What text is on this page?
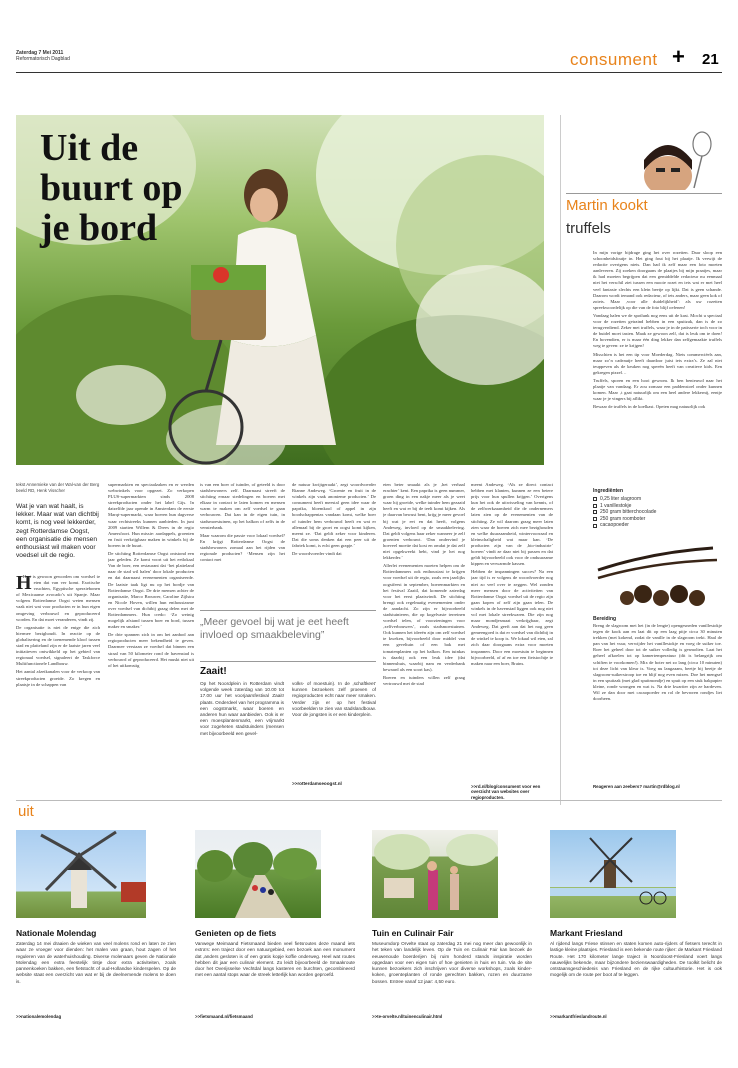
Zaterdag 7 Mei 2011
Reformatorisch Dagblad	consument + 21
Uit de
buurt op
je bord
tekst Annemieke van der Wal-van der Berg
beeld RD, Henk Visscher
Wat je van wat haalt, is lekker. Maar wat van dichtbij komt, is nog veel lekkerder, zegt Rotterdamse Oogst, een organisatie die mensen enthousiast wil maken voor voedsel uit de regio.
H

H et is gewoon geworden om voedsel te eten dat van ver komt. Exotische vruchten, Egyptische sperziebonen of Mexicaanse avocado’s uit Spanje. Maar volgens Rotterdamse Oogst weten mensen vaak niet wat voor producten er in hun eigen omgeving verbouwd en geproduceerd worden. En dat moet veranderen, vindt zij.

De organisatie is niet de enige die zich hiermee bezighoudt. In reactie op de globalisering en de toenemende kloof tussen stad en platteland zijn er de laatste jaren veel initiatieven ontwikkeld op het gebied van regionaal voedsel, signaleert de Taskforce Multifunctionele Landbouw.

Het aantal afzetkanalen voor de verkoop van streekproducten groeide. Zo kregen en plaatsje in de schappen van

supermarkten en speciaalzaken en er werden webwinkels voor opgezet. Zo verkopen PLUS-supermarkten sinds 2008 streekproducten onder het label Gijs. In datzelfde jaar opende in Amsterdam de eerste Marqt-supermarkt, waar boeren hun dagverse waar rechtstreeks kunnen aanbieden. In juni 2009 startten Willem & Drees in de regio Amersfoort. Hun missie: aardappels, groenten en fruit verkrijgbaar maken in winkels bij de boeren in de buurt.

De stichting Rotterdamse Oogst ontstond een jaar geleden. Ze komt voort uit het eetlokaal Van de boer, een restaurant dat ‘het platteland naar de stad wil halen’ door lokale producten en dat daarnaast evenementen organiseerde. De laatste taak ligt nu op het bordje van Rotterdamse Oogst. De drie mensen achter de organisatie, Marco Brouwer, Caroline Zijlstra en Nicole Hoven, willen hun enthousiasme over voedsel van dichtbij graag delen met de Rotterdammers. Hun credo: ‘Zo weinig mogelijk afstand tussen boer en bord, tussen maker en smaker.’

De drie spannen zich in om het aanbod aan regioproducten meer bekendheid te geven. Daarmee verstaan ze voedsel dat binnen een straal van 50 kilometer rond de havenstad is verbouwd of geproduceerd. Het muskt niet uit of het uitkomstig

is van een boer of tuinder, of geteeld is door stadsbewoners zelf. Daarnaast streeft de stichting ernaar stedelingen en boeren met elkaar in contact te laten komen en mensen warm te maken om zelf voedsel te gaan verbouwen. Dat kan in de eigen tuin, in stadsmoestuinen, op het balkon of zelfs in de vensterbank.

Maar waarom die passie voor lokaal voedsel? En krijgt Rotterdamse Oogst de stadsbewoners zomaal aan het rijden van regionale producten? ‘Mensen zijn het contact met

de natuur kwijtgeraakt’, zegt woordvoerder Rianne Andeweg. ‘Groente en fruit in de winkels zijn vaak anonieme producten.’ De consument heeft meestal geen idee waar de paprika, bloemkool of appel in zijn boodschappentas vandaan komt, welke boer of tuinder hem verbouwd heeft en wat er allemaal bij de groei en oogst komt kijken, meent ze. ‘Dat geldt zeker voor kinderen. Dat die soms denken dat een peer uit de fabriek komt, is echt geen grapje.’

De woordvoerder vindt dat

eten beter smaakt als je ‚het verhaal erachter’ kent. Een paprika is geen nummer, groen ding in een nakje meer als je weet waar hij groeide, welke tuinder hem gezaaid heeft en wat er bij de teelt komt kijken. Als je daarvan bewust bent, krijg je meer gevoel bij wat je eet en dat heeft, volgens Andeweg, invloed op de smaakbeleving. Dat geldt volgens haar zeker wanneer je zelf groenten verbouwt. ‘Dan ondervind je hoeveel moeite dat kost en omdat je dat zelf niet opgekweekt hebt, vind je het nog lekkerder.’

Allerlei evenementen moeten helpen om de Rotterdammers ook enthousiast te krijgen voor voedsel uit de regio, zoals een jaarlijks oogstfeest in september, boerenmarkten en het festival Zaaitl, dat komende zaterdag voor het eerst plaatsvindt. De stichting brengt ook regelmatig evenementen onder de aandacht. Zo zijn er bijvoorbeeld stadstuinieren, die op kogelvaste terreinen voedsel telen, of voorzieningen voor ‚zelfverbouwers’, zoals stadsmoestuinen. Ook kunnen het ideeën zijn om zelf voedsel te kweken, bijvoorbeeld door middel van een geveltuin of een bak met tomatenplanten op het balkon. Een tuinkas is daarbij ook een leuk idee (dat binnenshuis, waarbij nam en verderbank bewaard als een soort kas).

Boeren en tuinders willen zelf graag vertrouwd met de stad

meent Andeweg. ‘Als ze direct contact hebben met klanten, kunnen ze een betere prijs voor hun spullen krijgen.’ Overigens kun het ook de uitwisseling van kennis, of de zelfwerkzaamheid die de ondernemers laten zien op de evenementen van de stichting. Ze wil daarom graag meer laten zien waar de boeren zich mee bezighouden en welke duurzaamheid, wintervoorraad en kleinschaligheid wat maar kan. ‘De producten zijn van de ‚bio-industrie’ boeren’ vindt ze daar niet bij passen en dat geldt bijvoorbeeld ook voor de onduurzame kippen en verwarmde kassen.

Hebben de inspanningen succes? Na een jaar tijd is er volgens de woordvoerder nog niet zo veel over te zeggen. Wel zonden meer mensen door de activiteiten van Rotterdamse Oogst voedsel uit de regio zijn gaan kopen of zelf zijn gaan telen. De winkels in de havenstad liggen ook nog niet vol met lokale streekwaren. Die zijn nog maar mondjesmaat verkrijgbaar, zegt Andeweg. Dat geeft aan dat het nog geen gemeengoed is dat er voedsel van dichtbij in de winkel te koop is. We lokaal wil eten, zal zich daar doorgaans extra voor moeten inspannen. Door een moestuin te beginnen bijvoorbeeld, of af en toe een fietstochtje te maken naar een boer, Brains.

>>rd.nl/blog/consument voor een overzicht van websites over regioproducten.
„Meer gevoel bij wat je eet heeft invloed op smaakbeleving”
Zaait!
Op het Noordplein in Rotterdam vindt volgende week zaterdag van 10.00 tot 17.00 uur het voorjaarsfestival Zaait! plaats. Onderdeel van het programma is een oogstmarkt, waar boeren en anderen hun waar aanbieden. Ook is er een moesplantenmarkt, een vrijmarkt voor zogeheten stadstuinders (mensen met bijvoorbeeld een gevel-
volks- of moestuin). In de ‚schaftkeet’ kunnen bezoekers zelf proeven of regioproducten echt naar meer smaken. Verder zijn er op het festival voorbeelden te zien van stadslandbouw. Voor de jongsten is er een kinderplein.
>>rotterdamseoogst.nl
Martin kookt
truffels

In mijn vorige bijdrage ging het over rozetten. Daar sloop een schoonheidsfoutje in. Het ging fout bij het plaatje. Ik verwijt de redactie overigens niets. Dan had ik zelf maar een foto moeten aanleveren. Zij zoeken doorgaans de plaatjes bij mijn praatjes, maar ik had moeten begrijpen dat een gemiddelde redacteur nu eenmaal niet het verschil ziet tussen een mooie rozet en iets wat er met heel veel fantasie slechts een klein beetje op lijkt. Dat is geen schande. Daarom wordt iemand ook redacteur, of iets anders, maar geen kok of zoiets. Maar ‚voor alle duidelijkheid’: als uw rozetten spreekwoordelijk op die van de foto blijf oefenen!

Vandaag halen we de spotlunk nog eens uit de kast. Mocht u speciaal voor de rozetten getraind hebben in een spuitzak, dan is de zo terugverdiend. Zeker met truffels, waar je in de patisserie toch voor in de buidel moet tasten. Maak ze gewoon zelf, dat is leuk om te doen! En bovendien, er is maar één ding lekker dan zelfgemaakte truffels weg te geven: ze te krijgen!

Misschien is het een tip voor Moederdag. Niets commerciëels aan, maar zo’n cadeautje heeft daardoor juist iets extra’s. Ze zal niet teuppeven als de keuken nog speeën heeft van creatieve kids. Een gekregen pizzel…

Truffels, sporen en een hooi gewrom. Ik ben benieuwd naar het plaatje van vandaag. Er zou zomaar een paddenstoel onder kunnen komen. Maar ‚t gaat natuurlijk om een heel andere lekkernij, eentje waar je je vingers bij aflikt.

Bewaar de truffels in de koelkast. Opeten mag natuurlijk ook

Ingrediënten
0,25 liter slagroom
1 vanillestokje
250 gram bitterchocolade
250 gram roomboter
cacaopoeder
Bereiding
Breng de slagroom met het (in de lengte) opengesneden vanillestokje tegen de kook aan en laat dit op een laag pitje circa 30 minuten trekken (met kokend, zodat de vanille in de slagroom trekt. Haal de pan van het vuur, verwijder het vanillestokje en voeg de suiker toe. Roer het geheel door tot de suiker volledig is gesmolten. Laat het geheel afkoelen tot op kamertemperatuur (dit is belangrijk om schiften te voorkomen!). Mix de boter net zo lang (circa 10 minuten) tot deze licht van kleur is. Voeg nu langzaam, beetje bij beetje de slagroom-suikerstroop toe en blijf nog even mixen. Doe het mengsel in een spuitzak (met glad spuitmondje) en spuit op een stuk bakpapier kleine, ronde wrongen en wat is. Na drie kwartier zijn ze hardeven. Wil ze dan door met cacaopoeder en rol de bevroren rondjes liet doorheen.
Reageren aan zeebers? martin@rdblog.nl
uit
Nationale Molendag
Zaterdag 14 mei draaien de wieken van veel molens rond en laten ze zien waar ze vroeger voor dienden: het malen van graan, hout zagen of het reguleren van de waterhuishouding. Diverse molenaars geven de Nationale Molendag een extra feestelijk tintje door extra activiteiten, zoals pannenkoeken bakken, een fietstocht of oud-Hollandse kinderspelen. Op de website staat een overzicht van wat er bij de deelnemende molens te doen is.
>>nationalemolendag
Genieten op de fiets
Vanwege Meimaand Fietsmaand bieden veel fietsroutes deze maand iets extra’s: een traject door een natuurgebied, een bezoek aan een monument dat ‚anders gesloten is of een gratis kopje koffie onderweg. Heel wat routes hebben dit jaar een culinair element. Zo leidt bijvoorbeeld de Smaakroute door het Overijsselse Vechtdal langs kasteren en burchten, gecombineerd met een aantal stops waar de streek letterlijk kan worden geproefd.
>>fietsmaand.nl/fietsmaand
Tuin en Culinair Fair
Museumdorp Orvelte staat op zaterdag 21 mei nog meer dan gewoonlijk in het teken van landelijk leven. Op de Tuin en Culinair Fair kan bezoek de eeuwenoude boerderijen bij ruim honderd stands inspiratie worden opgedaan voor een eigen tuin of hoe genieten in huis en tuin. Via de site kunnen bezoekers zich inschrijven voor diverse workshops, zoals kinder-koken, groenteplanten of ronde gerechten bakken, rozen en duurzame bossen. Entree vanaf 12 jaar: 4,50 euro.
>>te-orvelte.nl/tuinenculinair.html
Markant Friesland
Al rijdend langs Friese stinsen en staten komen auto-rijders of fietsers terecht in lastige kleine plaatsjes. Friesland is een bekende route rijker: de Markant Friesland Route. Het 170 kilometer lange traject in Noordoost-Friesland voert langs nauwelijks bekende, maar bijzondere bezienswaardigheden. De toolkit belicht de ontstaansgeschiedenis van Friesland en de rijke cultuurhistorie. Het is ook mogelijk om de route per boot af te leggen.
>>markantfrieslandroute.nl
